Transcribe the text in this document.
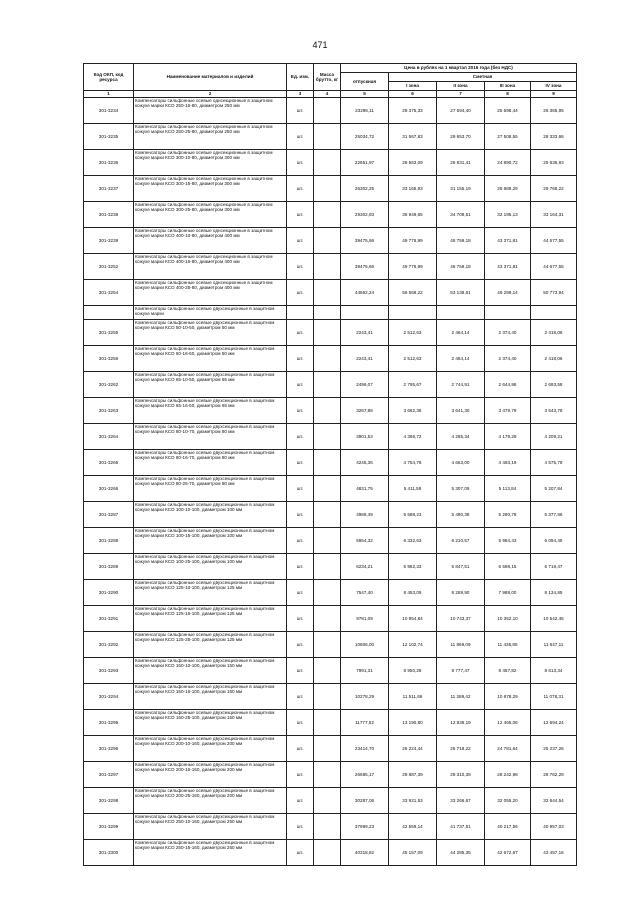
471
Код ОКП, код ресурса	Наименование материалов и изделий	Ед. изм.	Масса брутто, кг	Цена в рублях на 1 квартал 2016 года (без НДС)				
				отпускная	Сметная			
					I зона	II зона	III зона	IV зона
1	2	3	4	5	6	7	8	9
301-3234	Компенсаторы сильфонные осевые однсекционные в защитном кожухе марки КСО 250-16-80, диаметром 250 мм	шт.		23296,11	29 375,33	27 594,40	25 598,44	26 365,95
301-3235	Компенсаторы сильфонные осевые однсекционные в защитном кожухе марки КСО 250-25-80, диаметром 250 мм	шт.		25034,72	31 567,83	29 653,70	27 508,55	28 333,66
301-3236	Компенсаторы сильфонные осевые однсекционные в защитном кожухе марки КСО 300-10-80, диаметром 300 мм	шт.		22651,97	28 563,09	26 831,41	24 890,72	25 636,93
301-3237	Компенсаторы сильфонные осевые однсекционные в защитном кожухе марки КСО 300-16-80, диаметром 300 мм	шт.		26302,25	33 165,93	31 155,19	28 889,29	29 768,22
301-3238	Компенсаторы сильфонные осевые однсекционные в защитном кожухе марки КСО 300-25-80, диаметром 300 мм	шт.		29302,93	36 949,65	34 709,51	32 195,13	33 164,31
301-3239	Компенсаторы сильфонные осевые однсекционные в защитном кожухе марки КСО 400-10-80, диаметром 400 мм	шт.		39475,66	49 776,99	46 759,18	43 371,81	44 677,55
301-3252	Компенсаторы сильфонные осевые однсекционные в защитном кожухе марки КСО 400-16-80, диаметром 400 мм	шт.		39475,66	49 776,99	46 759,18	43 371,81	44 677,55
301-3254	Компенсаторы сильфонные осевые однсекционные в защитном кожухе марки КСО 400-25-80, диаметром 400 мм	шт.		44662,24	56 568,22	53 139,61	49 299,14	50 773,94
	Компенсаторы сильфонные осевые двухсекционные в защитном кожухе марки							
301-3255	Компенсаторы сильфонные осевые двухсекционные в защитном кожухе марки КСО 50-10-50, диаметром 50 мм	шт.		2243,41	2 512,63	2 464,14	2 374,40	2 418,06
301-3256	Компенсаторы сильфонные осевые двухсекционные в защитном кожухе марки КСО 50-16-50, диаметром 50 мм	шт.		2243,41	2 512,63	2 464,14	2 374,40	2 418,06
301-3262	Компенсаторы сильфонные осевые двухсекционные в защитном кожухе марки КСО 65-10-50, диаметром 65 мм	шт.		2496,07	2 795,67	2 744,91	2 644,98	2 693,58
301-3263	Компенсаторы сильфонные осевые двухсекционные в защитном кожухе марки КСО 65-16-50, диаметром 65 мм	шт.		3267,86	3 662,36	3 641,30	3 479,79	3 543,78
301-3264	Компенсаторы сильфонные осевые двухсекционные в защитном кожухе марки КСО 80-10-70, диаметром 80 мм	шт.		3901,53	4 369,72	4 285,34	4 179,29	4 209,21
301-3265	Компенсаторы сильфонные осевые двухсекционные в защитном кожухе марки КСО 80-16-70, диаметром 80 мм	шт.		4245,36	4 754,78	4 663,00	4 493,19	4 575,78
301-3266	Компенсаторы сильфонные осевые двухсекционные в защитном кожухе марки КСО 80-25-70, диаметром 80 мм	шт.		4831,75	5 411,59	5 307,09	5 113,84	5 207,84
301-3287	Компенсаторы сильфонные осевые двухсекционные в защитном кожухе марки КСО 100-10-100, диаметром 100 мм	шт.		4989,49	5 588,23	5 480,38	5 280,78	5 377,86
301-3288	Компенсаторы сильфонные осевые двухсекционные в защитном кожухе марки КСО 100-16-100, диаметром 100 мм	шт.		5654,32	6 332,63	6 210,57	5 984,43	6 094,45
301-3289	Компенсаторы сильфонные осевые двухсекционные в защитном кожухе марки КСО 100-25-100, диаметром 100 мм	шт.		6234,21	6 982,33	6 847,51	6 598,15	6 719,47
301-3290	Компенсаторы сильфонные осевые двухсекционные в защитном кожухе марки КСО 125-10-100, диаметром 125 мм	шт.		7547,40	8 453,09	8 269,90	7 988,00	8 134,85
301-3291	Компенсаторы сильфонные осевые двухсекционные в защитном кожухе марки КСО 125-16-100, диаметром 125 мм	шт.		9781,09	10 954,84	10 743,37	10 352,10	10 542,45
301-3292	Компенсаторы сильфонные осевые двухсекционные в защитном кожухе марки КСО 125-25-100, диаметром 125 мм	шт.		10806,00	12 102,74	11 869,09	11 436,85	11 647,11
301-3293	Компенсаторы сильфонные осевые двухсекционные в защитном кожухе марки КСО 150-10-100, диаметром 150 мм	шт.		7991,31	8 950,28	8 777,47	8 457,82	8 613,34
301-3294	Компенсаторы сильфонные осевые двухсекционные в защитном кожухе марки КСО 150-16-100, диаметром 150 мм	шт.		10278,29	11 511,66	11 289,42	10 878,29	11 078,31
301-3295	Компенсаторы сильфонные осевые двухсекционные в защитном кожухе марки КСО 150-25-100, диаметром 150 мм	шт.		11777,52	13 190,80	12 936,19	12 465,06	12 694,24
301-3296	Компенсаторы сильфонные осевые двухсекционные в защитном кожухе марки КСО 200-10-160, диаметром 200 мм	шт.		23414,70	26 224,44	25 718,22	24 781,64	25 237,26
301-3297	Компенсаторы сильфонные осевые двухсекционные в защитном кожухе марки КСО 200-16-160, диаметром 200 мм	шт.		26685,17	29 887,39	29 310,39	28 242,98	28 762,29
301-3298	Компенсаторы сильфонные осевые двухсекционные в защитном кожухе марки КСО 200-25-160, диаметром 200 мм	шт.		30287,06	33 921,53	33 266,67	32 055,20	32 644,54
301-3299	Компенсаторы сильфонные осевые двухсекционные в защитном кожухе марки КСО 250-10-160, диаметром 250 мм	шт.		37999,23	42 559,14	41 737,51	40 217,56	40 957,03
301-3300	Компенсаторы сильфонные осевые двухсекционные в защитном кожухе марки КСО 250-16-160, диаметром 250 мм	шт.		40318,82	45 157,09	44 285,35	42 672,67	43 457,16
